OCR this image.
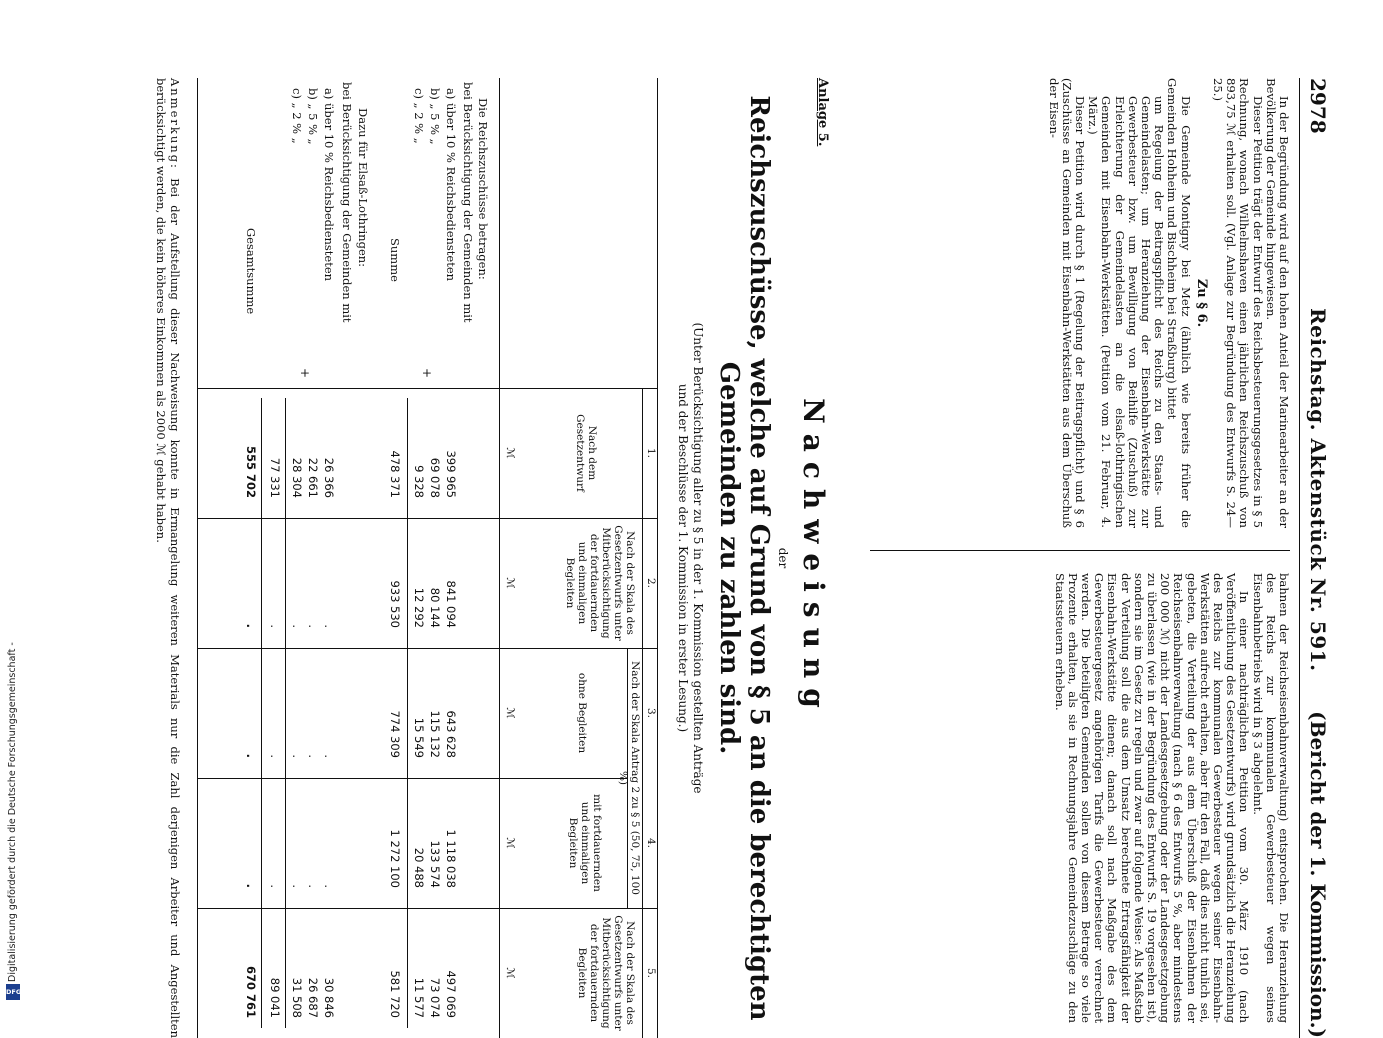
2978
Reichstag. Aktenstück Nr. 591.
(Bericht der 1. Kommission.)

In der Begründung wird auf den hohen Anteil der Marinearbeiter an der Bevölkerung der Gemeinde hingewiesen.

Dieser Petition trägt der Entwurf des Reichsbesteuerungsgesetzes in § 5 Rechnung, wonach Wilhelmshaven einen jährlichen Reichszuschuß von 893,75 ℳ erhalten soll. (Vgl. Anlage zur Begründung des Entwurfs S. 24—25.)

Zu § 6.

Die Gemeinde Montigny bei Metz (ähnlich wie bereits früher die Gemeinden Hohheim und Bischheim bei Straßburg) bittet

um Regelung der Beitragspflicht des Reichs zu den Staats- und Gemeindelasten; um Heranziehung der Eisenbahn-Werkstätte zur Gewerbesteuer bzw. um Bewilligung von Beihilfe (Zuschuß) zur Erleichterung der Gemeindelasten an die elsaß-lothringischen Gemeinden mit Eisenbahn-Werkstätten. (Petition vom 21. Februar, 4. März.)

Dieser Petition wird durch § 1 (Regelung der Beitragspflicht) und § 6 (Zuschüsse an Gemeinden mit Eisenbahn-Werkstätten aus dem Überschuß der Eisen-

bahnen der Reichseisenbahnverwaltung) entsprochen. Die Heranziehung des Reichs zur kommunalen Gewerbesteuer wegen seines Eisenbahnbetriebs wird in § 3 abgelehnt.

In einer nachträglichen Petition vom 30. März 1910 (nach Veröffentlichung des Gesetzentwurfs) wird grundsätzlich die Heranziehung des Reichs zur kommunalen Gewerbesteuer wegen seiner Eisenbahn-Werkstätten aufrecht erhalten, aber für den Fall, daß dies nicht tunlich sei, gebeten, die Verteilung der aus dem Überschuß der Eisenbahnen der Reichseisenbahnverwaltung (nach § 6 des Entwurfs 5 %, aber mindestens 200 000 ℳ) nicht der Landesgesetzgebung oder der Landesgesetzgebung zu überlassen (wie in der Begründung des Entwurfs S. 19 vorgesehen ist), sondern sie im Gesetz zu regeln und zwar auf folgende Weise: Als Maßstab der Verteilung soll die aus dem Umsatz berechnete Ertragsfähigkeit der Eisenbahn-Werkstätte dienen; danach soll nach Maßgabe des dem Gewerbesteuergesetz angehörigen Tarifs die Gewerbesteuer verrechnet werden. Die beteiligten Gemeinden sollen von diesem Betrage so viele Prozente erhalten, als sie in Rechnungsjahre Gemeindezuschläge zu den Staatssteuern erheben.

Anlage 5.
Nachweisung
der
Reichszuschüsse, welche auf Grund von § 5 an die berechtigten Gemeinden zu zahlen sind.
(Unter Berücksichtigung aller zu § 5 in der 1. Kommission gestellten Anträge
und der Beschlüsse der 1. Kommission in erster Lesung.)
1.
2.
3.
4.
5.
Nach dem Gesetzentwurf
Nach der Skala des Gesetzentwurfs unter Mitberücksichtigung der fortdauernden und einmaligen Begleiten
Nach der Skala Antrag 2 zu § 5 (50, 75, 100 %)
ohne Begleiten
mit fortdauernden und einmaligen Begleiten
Nach der Skala des Gesetzentwurfs unter Mitberücksichtigung der fortdauernden Begleiten
ℳ
ℳ
ℳ
ℳ
ℳ
Die Reichszuschüsse betragen:
bei Berücksichtigung der Gemeinden mit
a) über 10 % Reichsbediensteten
b) „ 5 % „
c) „ 2 % „
+
Summe
Dazu für Elsaß-Lothringen:
bei Berücksichtigung der Gemeinden mit
a) über 10 % Reichsbediensteten
b) „ 5 % „
c) „ 2 % „
+
Gesamtsumme
399 965
841 094
643 628
1 118 038
497 069
69 078
80 144
115 132
133 574
73 074
9 328
12 292
15 549
20 488
11 577
478 371
933 530
774 309
1 272 100
581 720
26 366
.
.
.
30 846
22 661
.
.
.
26 687
28 304
.
.
.
31 508
77 331
.
.
.
89 041
555 702
.
.
.
670 761
Anmerkung: Bei der Aufstellung dieser Nachweisung konnte in Ermangelung weiteren Materials nur die Zahl derjenigen Arbeiter und Angestellten berücksichtigt werden, die kein höheres Einkommen als 2000 ℳ gehabt haben.
Digitalisierung gefördert durch die Deutsche Forschungsgemeinschaft -
DFG
